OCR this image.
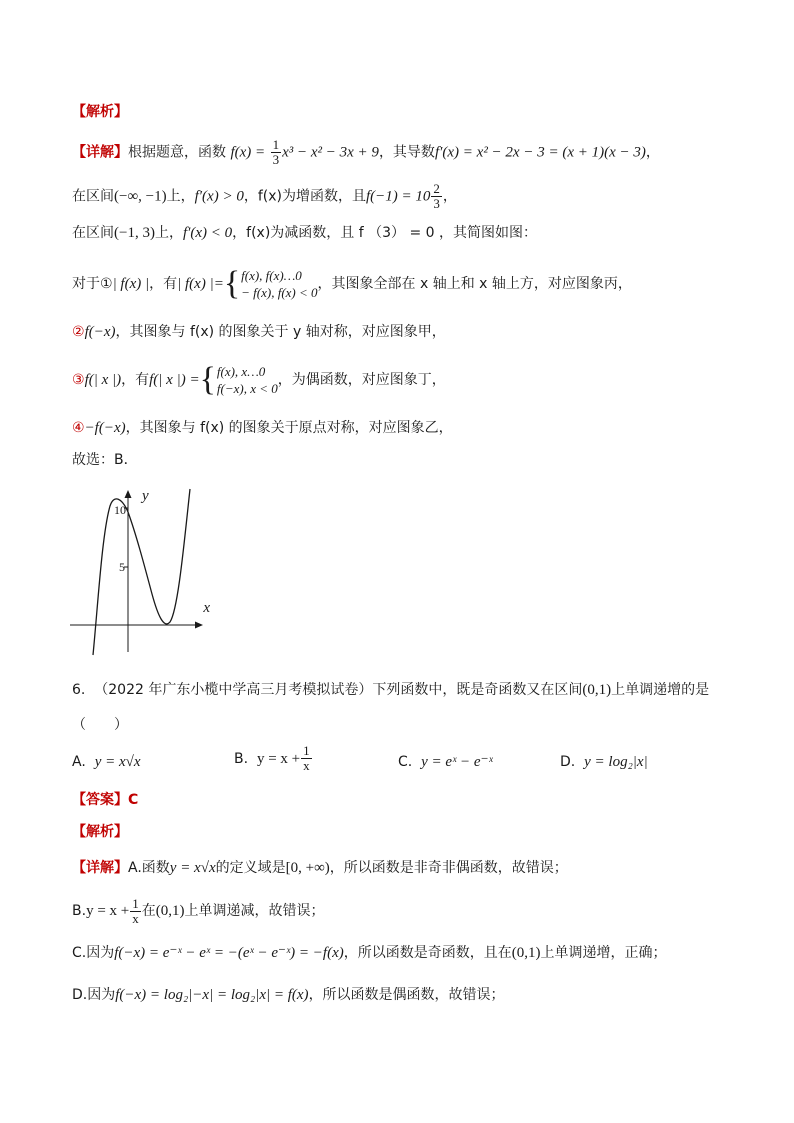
【解析】
【详解】根据题意，函数 $f(x) = \frac{1}{3} x^3 - x^2 - 3x + 9$，其导数f′(x) = x² − 2x − 3 = (x + 1)(x − 3)，
在区间(−∞, −1)上，f′(x) > 0，f(x)为增函数，且$f(-1) = 10 \frac{2}{3}$ ，
在区间(−1, 3)上，f′(x) < 0，f(x)为减函数，且 f （3） = 0 ，其简图如图：
对于① | f(x) | ，有 | f(x) |= { f(x), f(x)…0
− f(x), f(x) < 0
，其图象全部在 x 轴上和 x 轴上方，对应图象丙，
②f(−x)，其图象与 f(x) 的图象关于 y 轴对称，对应图象甲，
③ f(| x |) ，有 f(| x |) = { f(x), x…0
f(−x), x < 0
，为偶函数，对应图象丁，
④−f(−x)，其图象与 f(x) 的图象关于原点对称，对应图象乙，
故选：B．
y
x
10
5
6. （2022 年广东小榄中学高三月考模拟试卷）下列函数中，既是奇函数又在区间(0,1)上单调递增的是
（　　）
A. y = x√x	B.
$y = x + \frac{1}{x}$	C. y = eˣ − e⁻ˣ	D. y = log₂|x|
【答案】C
【解析】
【详解】A.函数y = x√x的定义域是[0, +∞)，所以函数是非奇非偶函数，故错误；
B. $y = x + \frac{1}{x}$ 在 (0,1) 上单调递减，故错误；
C.因为f(−x) = e⁻ˣ − eˣ = −(eˣ − e⁻ˣ) = −f(x)，所以函数是奇函数，且在(0,1)上单调递增，正确；
D.因为f(−x) = log₂|−x| = log₂|x| = f(x)，所以函数是偶函数，故错误；
